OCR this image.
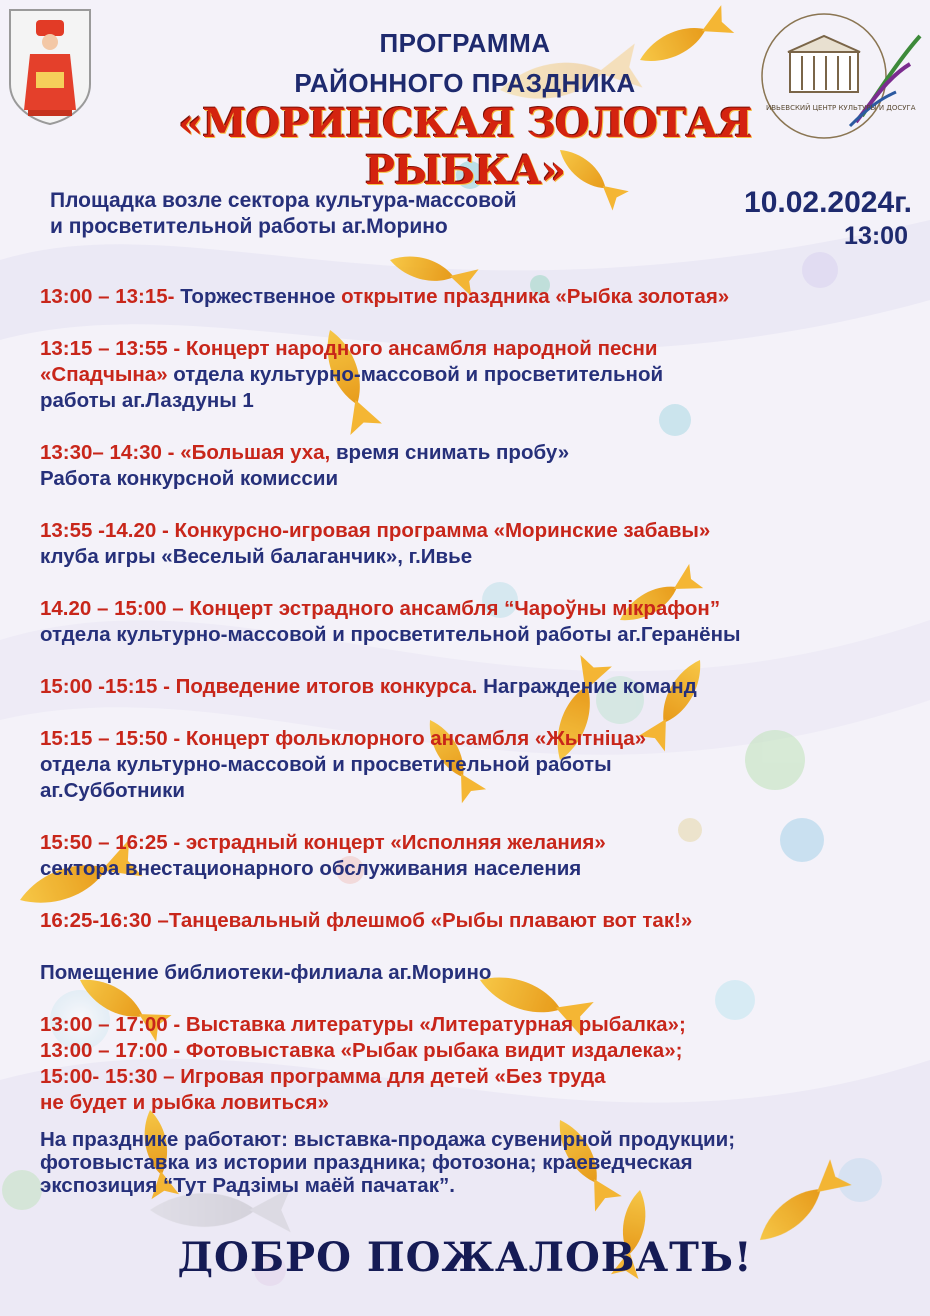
ИВЬЕВСКИЙ ЦЕНТР КУЛЬТУРЫ И ДОСУГА
ПРОГРАММА
РАЙОННОГО ПРАЗДНИКА
«МОРИНСКАЯ ЗОЛОТАЯ РЫБКА»
Площадка возле сектора культура-массовой
и просветительной работы аг.Морино
10.02.2024г.
13:00
13:00 – 13:15- Торжественное открытие праздника «Рыбка золотая»
13:15 – 13:55 - Концерт народного ансамбля народной песни
«Спадчына» отдела культурно-массовой и просветительной
работы аг.Лаздуны 1
13:30– 14:30 - «Большая уха, время снимать пробу»
Работа конкурсной комиссии
13:55 -14.20 - Конкурсно-игровая программа «Моринские забавы»
клуба игры «Веселый балаганчик», г.Ивье
14.20 – 15:00 – Концерт эстрадного ансамбля “Чароўны мікрафон”
отдела культурно-массовой и просветительной работы аг.Геранёны
15:00 -15:15 - Подведение итогов конкурса. Награждение команд
15:15 – 15:50 - Концерт фольклорного ансамбля «Жытніца»
отдела культурно-массовой и просветительной работы
аг.Субботники
15:50 – 16:25 - эстрадный концерт «Исполняя желания»
сектора внестационарного обслуживания населения
16:25-16:30 –Танцевальный флешмоб «Рыбы плавают вот так!»
Помещение библиотеки-филиала аг.Морино
13:00 – 17:00 - Выставка литературы «Литературная рыбалка»;
13:00 – 17:00 - Фотовыставка «Рыбак рыбака видит издалека»;
15:00- 15:30 – Игровая программа для детей «Без труда
не будет и рыбка ловиться»
На празднике работают: выставка-продажа сувенирной продукции;
фотовыставка из истории праздника; фотозона; краеведческая
экспозиция “Тут Радзімы маёй пачатак”.
ДОБРО ПОЖАЛОВАТЬ!
